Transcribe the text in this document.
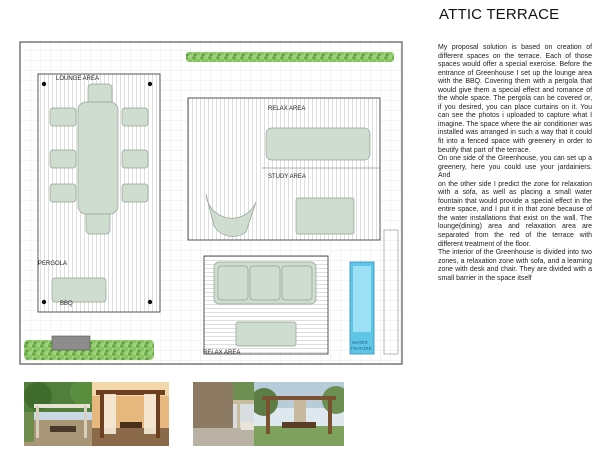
LOUNGE AREA
RELAX AREA
STUDY AREA
PERGOLA
BBQ
RELAX AREA
WATER
FEATURE
ATTIC TERRACE

My proposal solution is based on creation of different spaces on the terrace. Each of those spaces would offer a special exercise. Before the entrance of Greenhouse I set up the lounge area with the BBQ. Covering them with a pergola that would give them a special effect and romance of the whole space. The pergola can be covered or, if you desired, you can place curtains on it. You can see the photos i uploaded to capture what I imagine. The space where the air conditioner was installed was arranged in such a way that it could fit into a fenced space with greenery in order to beutify that part of the terrace.

On one side of the Greenhouse, you can set up a greenery, here you could use your jardainiers. And

on the other side I predict the zone for relaxation with a sofa, as well as placing a small water fountain that would provide a special effect in the entire space, and I put it in that zone because of the water installations that exist on the wall. The lounge(dining) area and relaxation area are separated from the red of the terrace with different treatment of the floor.

The interior of the Greenhouse is divided into two zones, a relaxation zone with sofa, and a learning zone with desk and chair. They are divided with a small barrier in the space itself
